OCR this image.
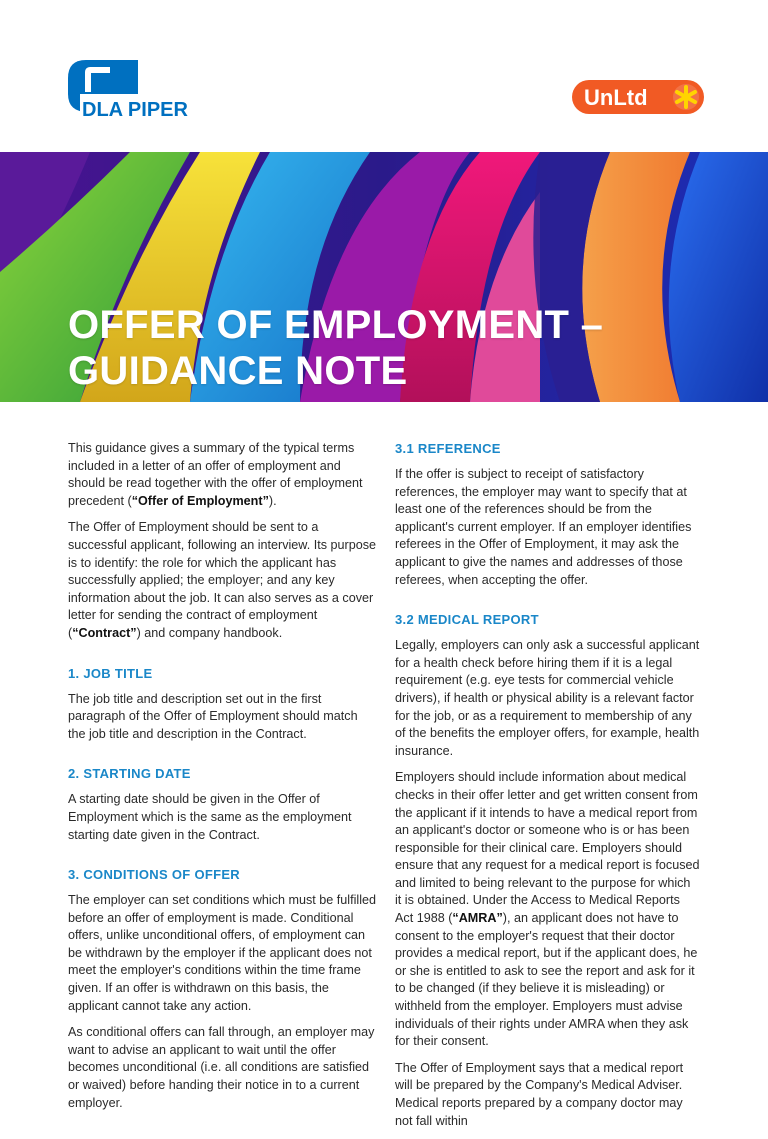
DLA PIPER	UnLtd
OFFER OF EMPLOYMENT –
GUIDANCE NOTE

This guidance gives a summary of the typical terms included in a letter of an offer of employment and should be read together with the offer of employment precedent (“Offer of Employment”).

The Offer of Employment should be sent to a successful applicant, following an interview. Its purpose is to identify: the role for which the applicant has successfully applied; the employer; and any key information about the job. It can also serves as a cover letter for sending the contract of employment (“Contract”) and company handbook.

1. JOB TITLE

The job title and description set out in the first paragraph of the Offer of Employment should match the job title and description in the Contract.

2. STARTING DATE

A starting date should be given in the Offer of Employment which is the same as the employment starting date given in the Contract.

3. CONDITIONS OF OFFER

The employer can set conditions which must be fulfilled before an offer of employment is made. Conditional offers, unlike unconditional offers, of employment can be withdrawn by the employer if the applicant does not meet the employer's conditions within the time frame given. If an offer is withdrawn on this basis, the applicant cannot take any action.

As conditional offers can fall through, an employer may want to advise an applicant to wait until the offer becomes unconditional (i.e. all conditions are satisfied or waived) before handing their notice in to a current employer.

3.1 REFERENCE

If the offer is subject to receipt of satisfactory references, the employer may want to specify that at least one of the references should be from the applicant's current employer. If an employer identifies referees in the Offer of Employment, it may ask the applicant to give the names and addresses of those referees, when accepting the offer.

3.2 MEDICAL REPORT

Legally, employers can only ask a successful applicant for a health check before hiring them if it is a legal requirement (e.g. eye tests for commercial vehicle drivers), if health or physical ability is a relevant factor for the job, or as a requirement to membership of any of the benefits the employer offers, for example, health insurance.

Employers should include information about medical checks in their offer letter and get written consent from the applicant if it intends to have a medical report from an applicant's doctor or someone who is or has been responsible for their clinical care. Employers should ensure that any request for a medical report is focused and limited to being relevant to the purpose for which it is obtained. Under the Access to Medical Reports Act 1988 (“AMRA”), an applicant does not have to consent to the employer's request that their doctor provides a medical report, but if the applicant does, he or she is entitled to ask to see the report and ask for it to be changed (if they believe it is misleading) or withheld from the employer. Employers must advise individuals of their rights under AMRA when they ask for their consent.

The Offer of Employment says that a medical report will be prepared by the Company's Medical Adviser. Medical reports prepared by a company doctor may not fall within
